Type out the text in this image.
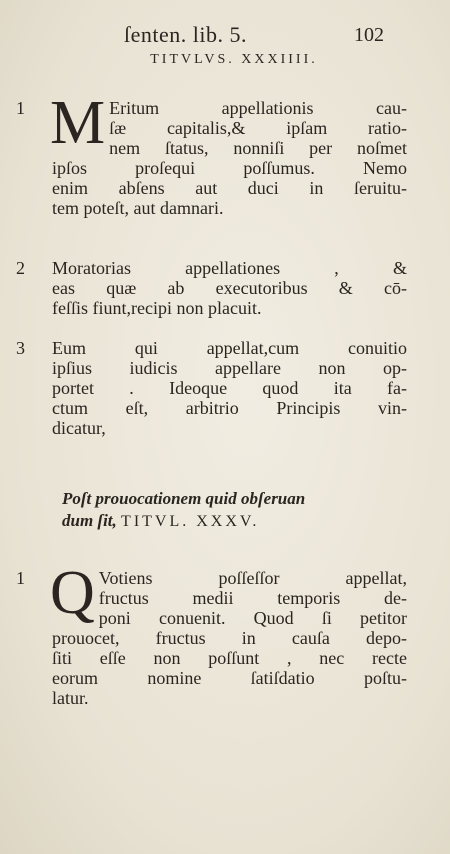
ſenten. lib. 5.	102
TITVLVS. XXXIIII.
1 M Eritum appellationis cau-
ſæ capitalis,& ipſam ratio-
nem ſtatus, nonniſi per noſmet
ipſos proſequi poſſumus. Nemo
enim abſens aut duci in ſeruitu-
tem poteſt, aut damnari.
2 Moratorias appellationes , &
eas quæ ab executoribus & cō-
feſſis fiunt,recipi non placuit.
3 Eum qui appellat,cum conuitio
ipſius iudicis appellare non op-
portet . Ideoque quod ita fa-
ctum eſt, arbitrio Principis vin-
dicatur,
Poſt prouocationem quid obſeruan
dum ſit, TITVL. XXXV.
1 Q Votiens poſſeſſor appellat,
fructus medii temporis de-
poni conuenit. Quod ſi petitor
prouocet, fructus in cauſa depo-
ſiti eſſe non poſſunt , nec recte
eorum nomine ſatiſdatio poſtu-
latur.
